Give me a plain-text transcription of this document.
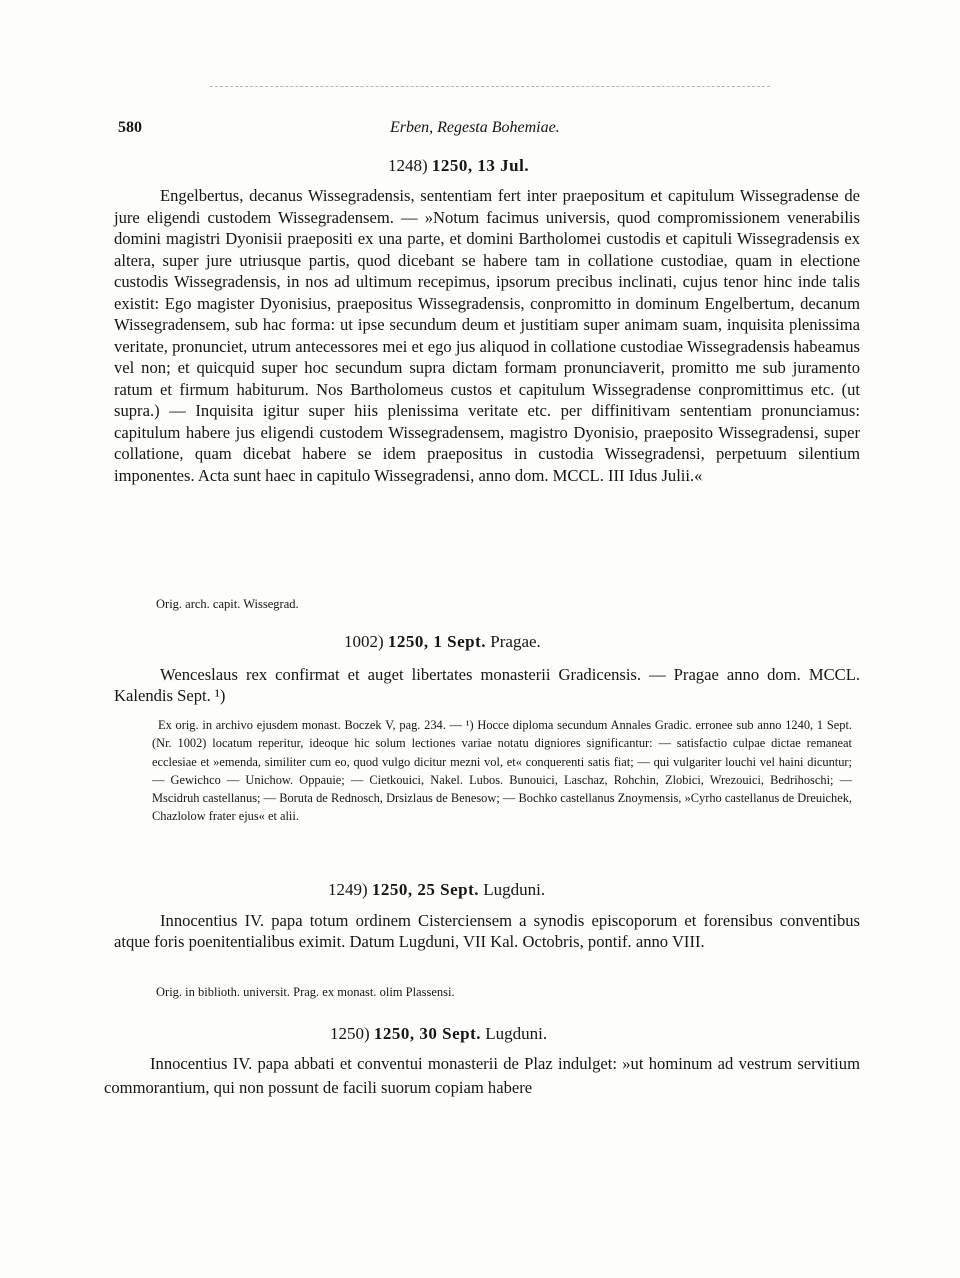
580	Erben, Regesta Bohemiae.
1248) 1250, 13 Jul.
Engelbertus, decanus Wissegradensis, sententiam fert inter praepositum et capitulum Wissegradense de jure eligendi custodem Wissegradensem. — »Notum facimus universis, quod compromissionem venerabilis domini magistri Dyonisii praepositi ex una parte, et domini Bartholomei custodis et capituli Wissegradensis ex altera, super jure utriusque partis, quod dicebant se habere tam in collatione custodiae, quam in electione custodis Wissegradensis, in nos ad ultimum recepimus, ipsorum precibus inclinati, cujus tenor hinc inde talis existit: Ego magister Dyonisius, praepositus Wissegradensis, conpromitto in dominum Engelbertum, decanum Wissegradensem, sub hac forma: ut ipse secundum deum et justitiam super animam suam, inquisita plenissima veritate, pronunciet, utrum antecessores mei et ego jus aliquod in collatione custodiae Wissegradensis habeamus vel non; et quicquid super hoc secundum supra dictam formam pronunciaverit, promitto me sub juramento ratum et firmum habiturum. Nos Bartholomeus custos et capitulum Wissegradense conpromittimus etc. (ut supra.) — Inquisita igitur super hiis plenissima veritate etc. per diffinitivam sententiam pronunciamus: capitulum habere jus eligendi custodem Wissegradensem, magistro Dyonisio, praeposito Wissegradensi, super collatione, quam dicebat habere se idem praepositus in custodia Wissegradensi, perpetuum silentium imponentes. Acta sunt haec in capitulo Wissegradensi, anno dom. MCCL. III Idus Julii.«
Orig. arch. capit. Wissegrad.
1002) 1250, 1 Sept. Pragae.
Wenceslaus rex confirmat et auget libertates monasterii Gradicensis. — Pragae anno dom. MCCL. Kalendis Sept. ¹)
Ex orig. in archivo ejusdem monast. Boczek V, pag. 234. — ¹) Hocce diploma secundum Annales Gradic. erronee sub anno 1240, 1 Sept. (Nr. 1002) locatum reperitur, ideoque hic solum lectiones variae notatu digniores significantur: — satisfactio culpae dictae remaneat ecclesiae et »emenda, similiter cum eo, quod vulgo dicitur mezni vol, et« conquerenti satis fiat; — qui vulgariter louchi vel haini dicuntur; — Gewichco — Unichow. Oppauie; — Cietkouici, Nakel. Lubos. Bunouici, Laschaz, Rohchin, Zlobici, Wrezouici, Bedrihoschi; — Mscidruh castellanus; — Boruta de Rednosch, Drsizlaus de Benesow; — Bochko castellanus Znoymensis, »Cyrho castellanus de Dreuichek, Chazlolow frater ejus« et alii.
1249) 1250, 25 Sept. Lugduni.
Innocentius IV. papa totum ordinem Cisterciensem a synodis episcoporum et forensibus conventibus atque foris poenitentialibus eximit. Datum Lugduni, VII Kal. Octobris, pontif. anno VIII.
Orig. in biblioth. universit. Prag. ex monast. olim Plassensi.
1250) 1250, 30 Sept. Lugduni.
Innocentius IV. papa abbati et conventui monasterii de Plaz indulget: »ut hominum ad vestrum servitium commorantium, qui non possunt de facili suorum copiam habere
